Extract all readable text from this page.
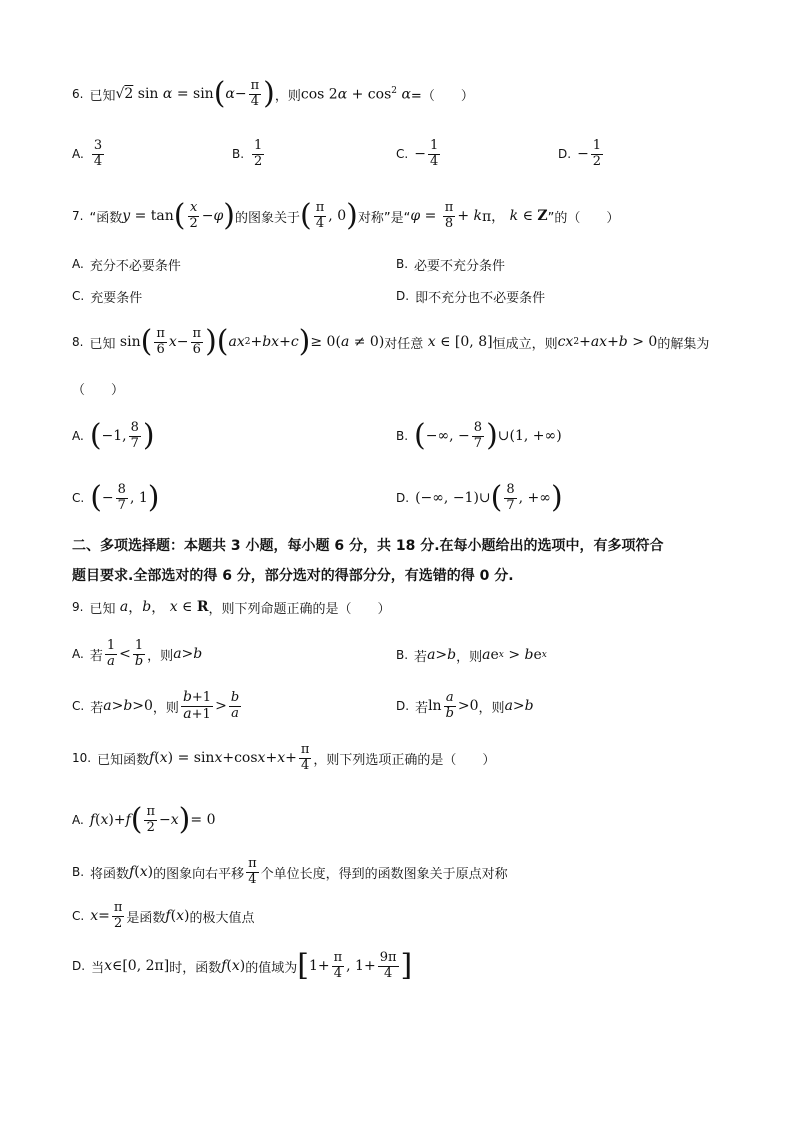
6. 已知 √2 sin α = sin ( $\alpha - \frac{\pi}{4}$ ) ，则 $\cos 2\alpha + \cos^2 \alpha$ =（　　）
A. $\frac{3}{4}$	B. $\frac{1}{2}$	C. − $\frac{1}{4}$	D. − $\frac{1}{2}$
7. “函数 y = tan ( $\frac{x}{2} - \varphi$ ) 的图象关于 ( $\frac{\pi}{4}$ , 0 ) 对称”是“ $\varphi = \frac{\pi}{8} + k$ π， k ∈ Z ”的（　　）
A. 充分不必要条件	B. 必要不充分条件
C. 充要条件	D. 即不充分也不必要条件
8. 已知 sin ( $\frac{\pi}{6}$ $x - \frac{\pi}{6}$ ) ( ax 2 + bx + c ) ≥ 0(a ≠ 0) 对任意 x ∈ [0, 8] 恒成立，则 cx 2 + ax + b > 0 的解集为
（　　）
A. ( −1, $\frac{8}{7}$ )	B. ( −∞, − $\frac{8}{7}$ ) ∪(1, +∞)
C. ( − $\frac{8}{7}$ , 1 )	D. (−∞, −1)∪ ( $\frac{8}{7}$ , +∞ )
二、多项选择题：本题共 3 小题，每小题 6 分，共 18 分.在每小题给出的选项中，有多项符合
题目要求.全部选对的得 6 分，部分选对的得部分分，有选错的得 0 分.
9. 已知 a ， b ， x ∈ R ，则下列命题正确的是（　　）
A. 若 $\frac{1}{a} < \frac{1}{b}$ ，则 a > b	B. 若 a > b ，则 a e x > b e x
C. 若 a > b >0 ，则 $\frac{b+1}{a+1} > \frac{b}{a}$	D. 若 $\ln \frac{a}{b} >0$ ，则 a > b
10. 已知函数 f ( x ) = sin x +cos $x + x + \frac{\pi}{4}$ ，则下列选项正确的是（　　）
A. f ( x )+ f ( $\frac{\pi}{2} - x$ ) = 0
B. 将函数 f ( x ) 的图象向右平移 $\frac{\pi}{4}$ 个单位长度，得到的函数图象关于原点对称
C. $x = \frac{\pi}{2}$ 是函数 f ( x ) 的极大值点
D. 当 x ∈[0, 2π] 时，函数 f ( x ) 的值域为 [ $1+ \frac{\pi}{4}$ , $1+ \frac{9\pi}{4}$ ]
